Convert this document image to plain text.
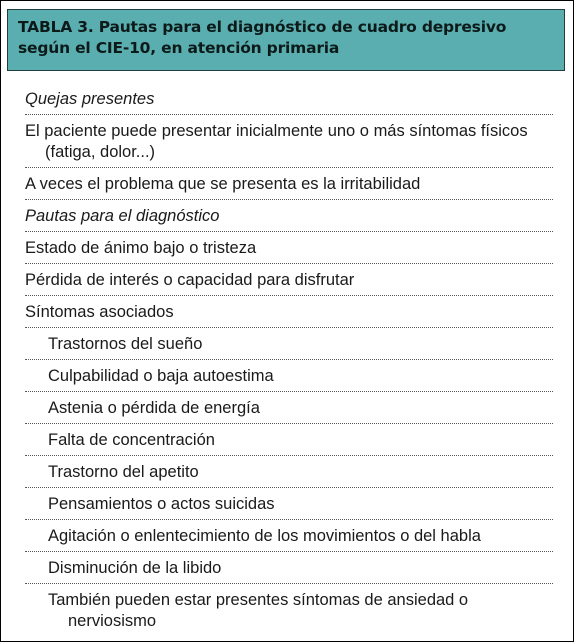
TABLA 3. Pautas para el diagnóstico de cuadro depresivo
según el CIE-10, en atención primaria
Quejas presentes
El paciente puede presentar inicialmente uno o más síntomas físicos (fatiga, dolor...)
A veces el problema que se presenta es la irritabilidad
Pautas para el diagnóstico
Estado de ánimo bajo o tristeza
Pérdida de interés o capacidad para disfrutar
Síntomas asociados
Trastornos del sueño
Culpabilidad o baja autoestima
Astenia o pérdida de energía
Falta de concentración
Trastorno del apetito
Pensamientos o actos suicidas
Agitación o enlentecimiento de los movimientos o del habla
Disminución de la libido
También pueden estar presentes síntomas de ansiedad o nerviosismo
